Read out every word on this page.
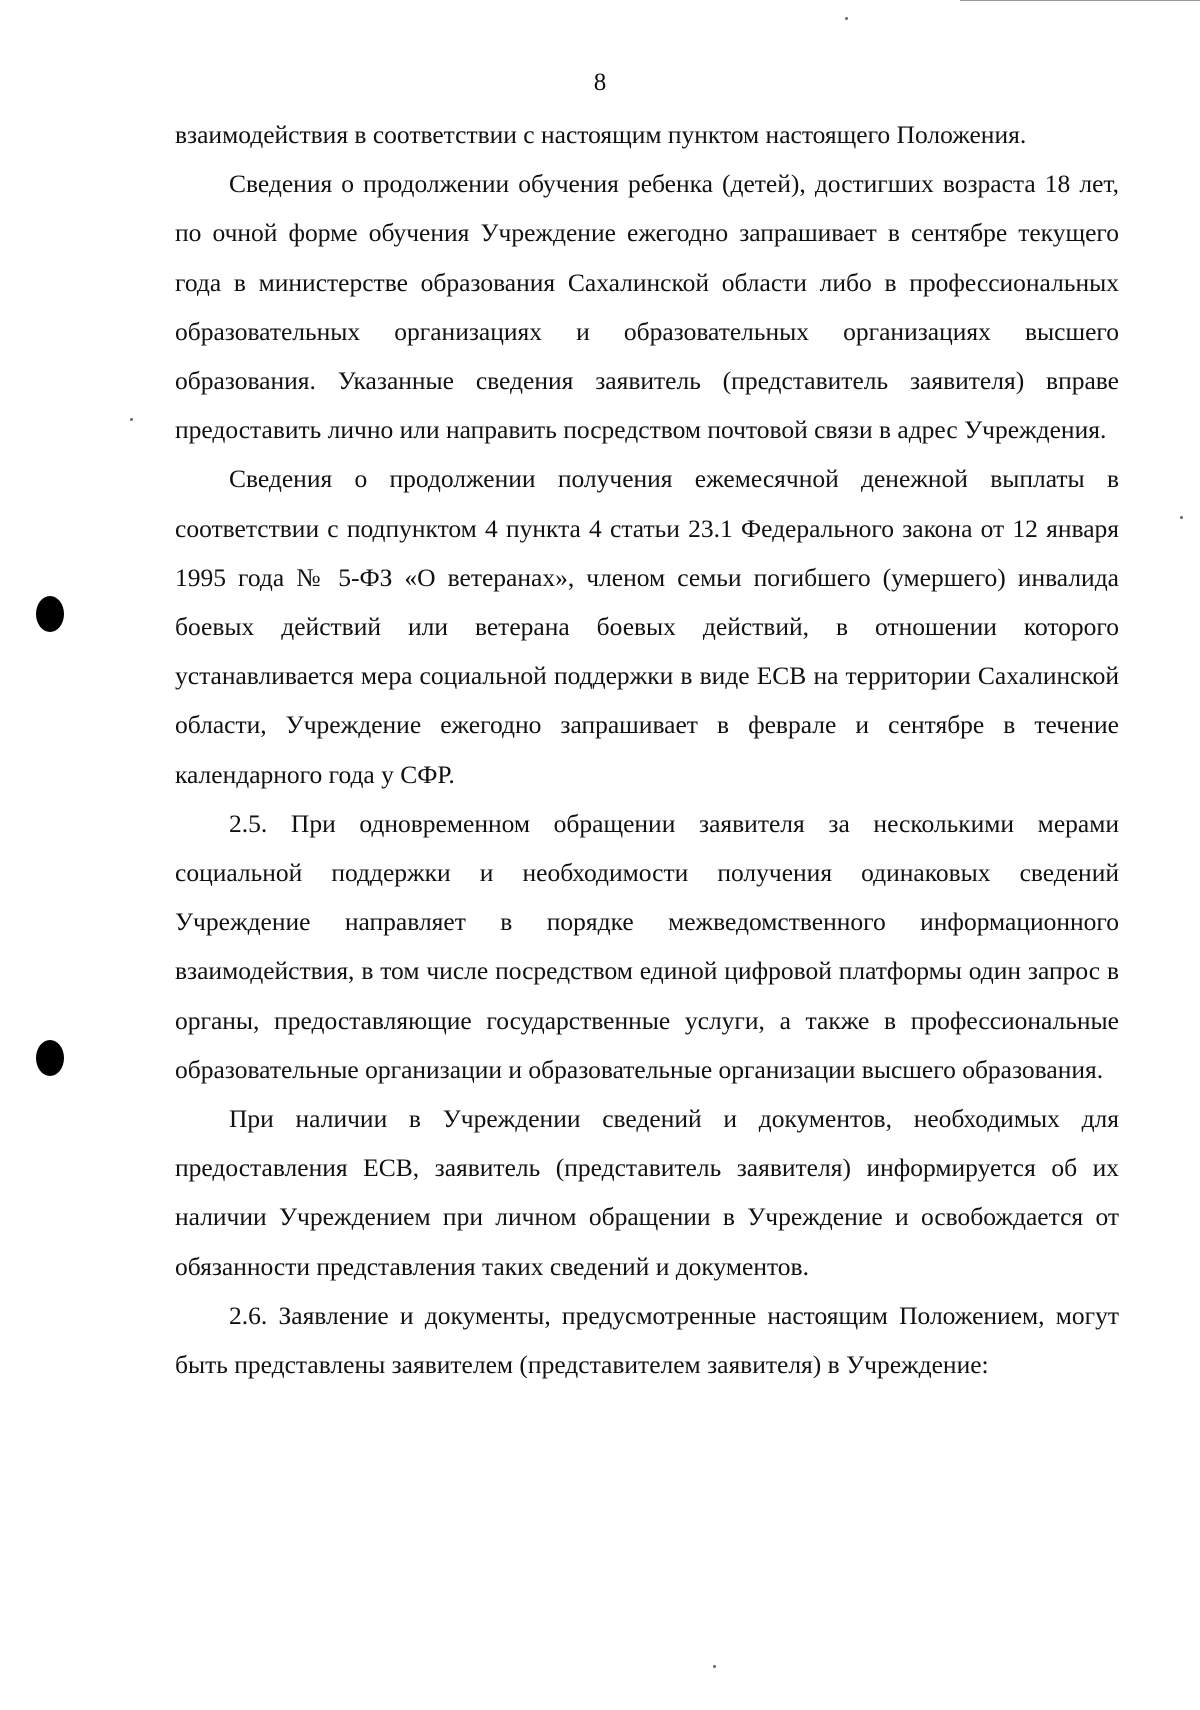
8

взаимодействия в соответствии с настоящим пунктом настоящего Положения.

Сведения о продолжении обучения ребенка (детей), достигших возраста 18 лет, по очной форме обучения Учреждение ежегодно запрашивает в сентябре текущего года в министерстве образования Сахалинской области либо в профессиональных образовательных организациях и образовательных организациях высшего образования. Указанные сведения заявитель (представитель заявителя) вправе предоставить лично или направить посредством почтовой связи в адрес Учреждения.

Сведения о продолжении получения ежемесячной денежной выплаты в соответствии с подпунктом 4 пункта 4 статьи 23.1 Федерального закона от 12 января 1995 года № 5-ФЗ «О ветеранах», членом семьи погибшего (умершего) инвалида боевых действий или ветерана боевых действий, в отношении которого устанавливается мера социальной поддержки в виде ЕСВ на территории Сахалинской области, Учреждение ежегодно запрашивает в феврале и сентябре в течение календарного года у СФР.

2.5. При одновременном обращении заявителя за несколькими мерами социальной поддержки и необходимости получения одинаковых сведений Учреждение направляет в порядке межведомственного информационного взаимодействия, в том числе посредством единой цифровой платформы один запрос в органы, предоставляющие государственные услуги, а также в профессиональные образовательные организации и образовательные организации высшего образования.

При наличии в Учреждении сведений и документов, необходимых для предоставления ЕСВ, заявитель (представитель заявителя) информируется об их наличии Учреждением при личном обращении в Учреждение и освобождается от обязанности представления таких сведений и документов.

2.6. Заявление и документы, предусмотренные настоящим Положением, могут быть представлены заявителем (представителем заявителя) в Учреждение:
